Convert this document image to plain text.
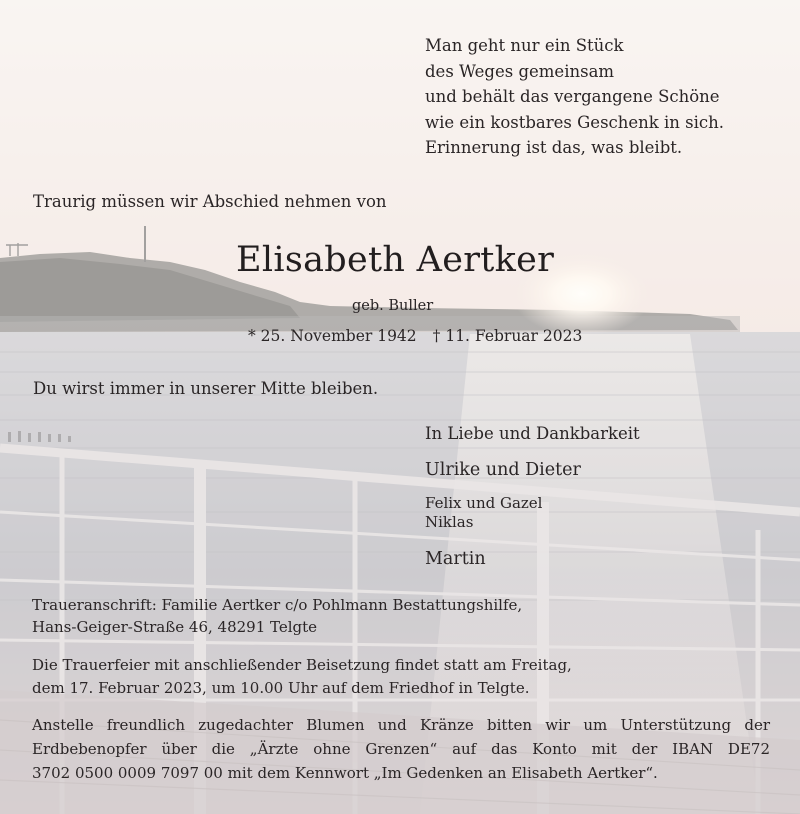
Man geht nur ein Stück
des Weges gemeinsam
und behält das vergangene Schöne
wie ein kostbares Geschenk in sich.
Erinnerung ist das, was bleibt.

Traurig müssen wir Abschied nehmen von

Elisabeth Aertker

geb. Buller

* 25. November 1942 † 11. Februar 2023

Du wirst immer in unserer Mitte bleiben.

In Liebe und Dankbarkeit

Ulrike und Dieter

Felix und Gazel
Niklas

Martin

Traueranschrift: Familie Aertker c/o Pohlmann Bestattungshilfe,

Hans-Geiger-Straße 46, 48291 Telgte

Die Trauerfeier mit anschließender Beisetzung findet statt am Freitag,

dem 17. Februar 2023, um 10.00 Uhr auf dem Friedhof in Telgte.

Anstelle freundlich zugedachter Blumen und Kränze bitten wir um Unterstützung der

Erdbebenopfer über die „Ärzte ohne Grenzen“ auf das Konto mit der IBAN DE72

3702 0500 0009 7097 00 mit dem Kennwort „Im Gedenken an Elisabeth Aertker“.
